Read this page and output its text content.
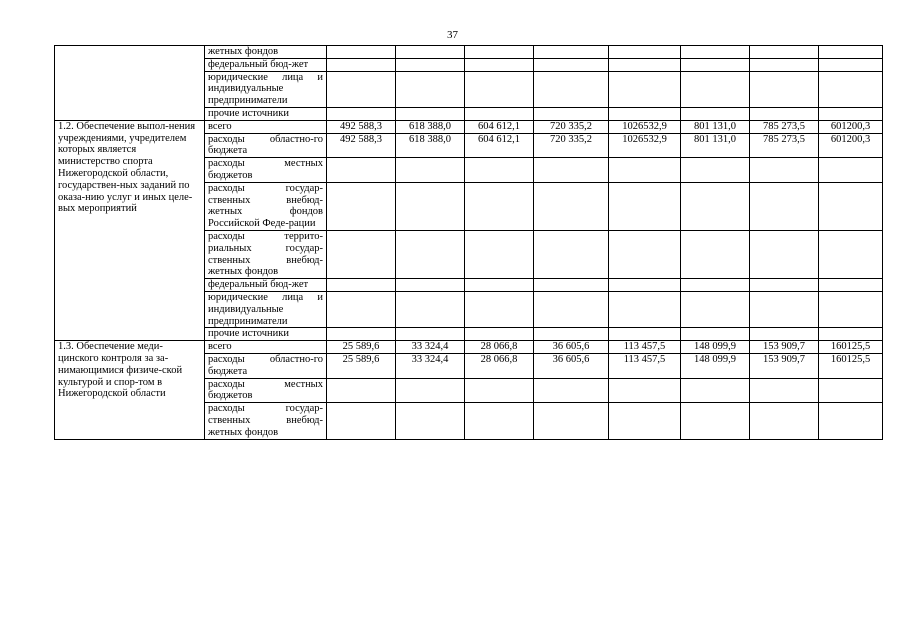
37
	жетных фондов								
	федеральный бюд-жет								
	юридические лица и индивидуальные предприниматели								
	прочие источники								

1.2. Обеспечение выпол-нения учреждениями, учредителем которых является министерство спорта Нижегородской области, государствен-ных заданий по оказа-нию услуг и иных целе-вых мероприятий	всего	492 588,3	618 388,0	604 612,1	720 335,2	1026532,9	801 131,0	785 273,5	601200,3
	расходы областно-го бюджета	492 588,3	618 388,0	604 612,1	720 335,2	1026532,9	801 131,0	785 273,5	601200,3
	расходы местных бюджетов								
	расходы государ-ственных внебюд-жетных фондов Российской Феде-рации								
	расходы террито-риальных государ-ственных внебюд-жетных фондов								
	федеральный бюд-жет								
	юридические лица и индивидуальные предприниматели								
	прочие источники								

1.3. Обеспечение меди-цинского контроля за за-нимающимися физиче-ской культурой и спор-том в Нижегородской области	всего	25 589,6	33 324,4	28 066,8	36 605,6	113 457,5	148 099,9	153 909,7	160125,5
	расходы областно-го бюджета	25 589,6	33 324,4	28 066,8	36 605,6	113 457,5	148 099,9	153 909,7	160125,5
	расходы местных бюджетов								
	расходы государ-ственных внебюд-жетных фондов								
